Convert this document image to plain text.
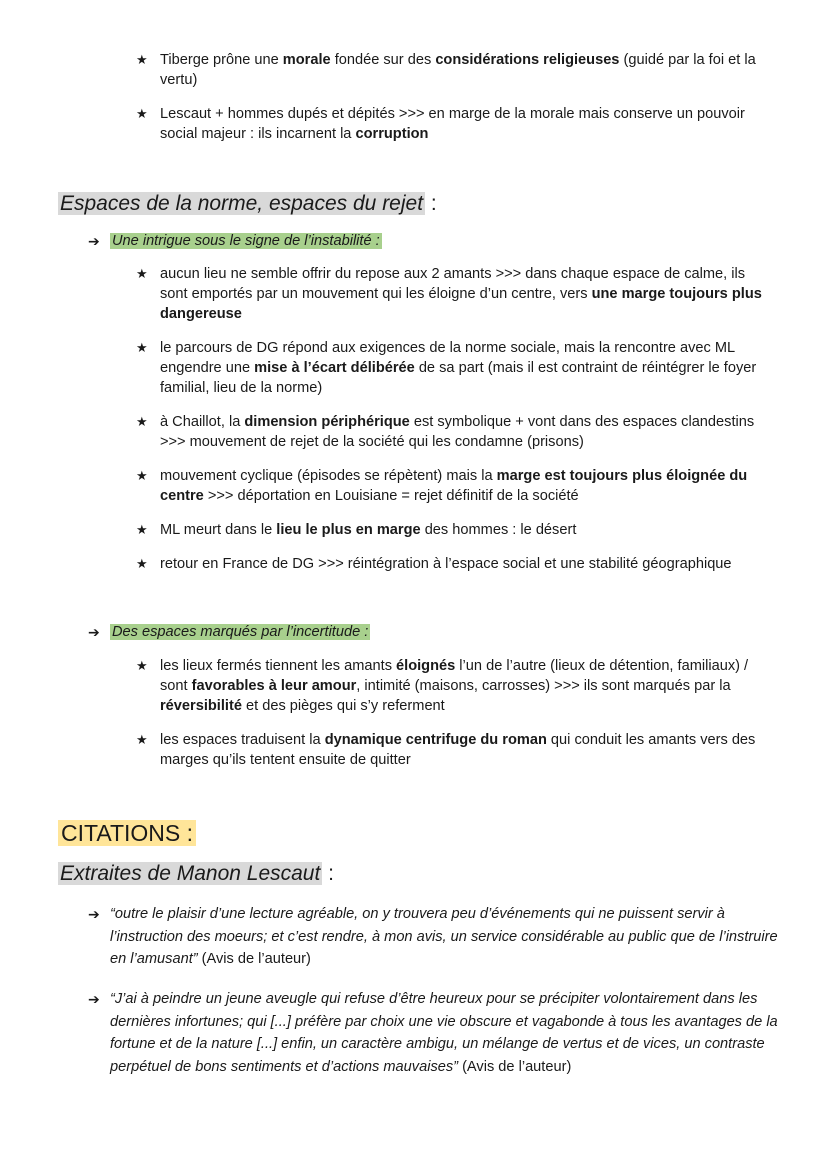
★ Tiberge prône une morale fondée sur des considérations religieuses (guidé par la foi et la vertu)
★ Lescaut + hommes dupés et dépités >>> en marge de la morale mais conserve un pouvoir social majeur : ils incarnent la corruption
Espaces de la norme, espaces du rejet :
➔ Une intrigue sous le signe de l’instabilité :
★ aucun lieu ne semble offrir du repose aux 2 amants >>> dans chaque espace de calme, ils sont emportés par un mouvement qui les éloigne d’un centre, vers une marge toujours plus dangereuse
★ le parcours de DG répond aux exigences de la norme sociale, mais la rencontre avec ML engendre une mise à l’écart délibérée de sa part (mais il est contraint de réintégrer le foyer familial, lieu de la norme)
★ à Chaillot, la dimension périphérique est symbolique + vont dans des espaces clandestins >>> mouvement de rejet de la société qui les condamne (prisons)
★ mouvement cyclique (épisodes se répètent) mais la marge est toujours plus éloignée du centre >>> déportation en Louisiane = rejet définitif de la société
★ ML meurt dans le lieu le plus en marge des hommes : le désert
★ retour en France de DG >>> réintégration à l’espace social et une stabilité géographique
➔ Des espaces marqués par l’incertitude :
★ les lieux fermés tiennent les amants éloignés l’un de l’autre (lieux de détention, familiaux) / sont favorables à leur amour, intimité (maisons, carrosses) >>> ils sont marqués par la réversibilité et des pièges qui s’y referment
★ les espaces traduisent la dynamique centrifuge du roman qui conduit les amants vers des marges qu’ils tentent ensuite de quitter
CITATIONS :
Extraites de Manon Lescaut :
➔ “outre le plaisir d’une lecture agréable, on y trouvera peu d’événements qui ne puissent servir à l’instruction des moeurs; et c’est rendre, à mon avis, un service considérable au public que de l’instruire en l’amusant” (Avis de l’auteur)
➔ “J’ai à peindre un jeune aveugle qui refuse d’être heureux pour se précipiter volontairement dans les dernières infortunes; qui [...] préfère par choix une vie obscure et vagabonde à tous les avantages de la fortune et de la nature [...] enfin, un caractère ambigu, un mélange de vertus et de vices, un contraste perpétuel de bons sentiments et d’actions mauvaises” (Avis de l’auteur)
